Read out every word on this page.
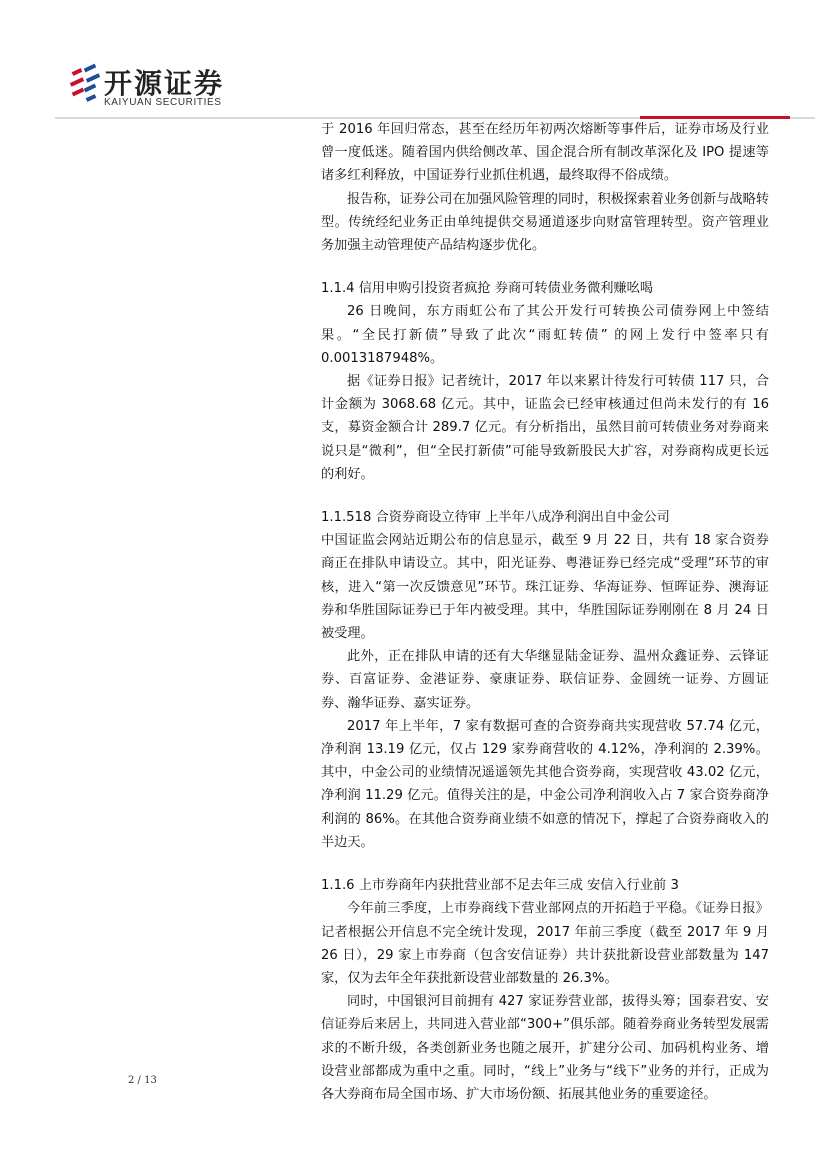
开源证券
KAIYUAN SECURITIES

于 2016 年回归常态，甚至在经历年初两次熔断等事件后，证券市场及行业曾一度低迷。随着国内供给侧改革、国企混合所有制改革深化及 IPO 提速等诸多红利释放，中国证券行业抓住机遇，最终取得不俗成绩。

报告称，证券公司在加强风险管理的同时，积极探索着业务创新与战略转型。传统经纪业务正由单纯提供交易通道逐步向财富管理转型。资产管理业务加强主动管理使产品结构逐步优化。

1.1.4 信用申购引投资者疯抢 券商可转债业务微利赚吆喝

26 日晚间，东方雨虹公布了其公开发行可转换公司债券网上中签结果。“全民打新债”导致了此次“雨虹转债” 的网上发行中签率只有 0.0013187948%。

据《证券日报》记者统计，2017 年以来累计待发行可转债 117 只，合计金额为 3068.68 亿元。其中，证监会已经审核通过但尚未发行的有 16 支，募资金额合计 289.7 亿元。有分析指出，虽然目前可转债业务对券商来说只是“微利”，但“全民打新债”可能导致新股民大扩容，对券商构成更长远的利好。

1.1.518 合资券商设立待审 上半年八成净利润出自中金公司

中国证监会网站近期公布的信息显示，截至 9 月 22 日，共有 18 家合资券商正在排队申请设立。其中，阳光证券、粤港证券已经完成“受理”环节的审核，进入“第一次反馈意见”环节。珠江证券、华海证券、恒晖证券、澳海证券和华胜国际证券已于年内被受理。其中，华胜国际证券刚刚在 8 月 24 日被受理。

此外，正在排队申请的还有大华继显陆金证券、温州众鑫证券、云锋证券、百富证券、金港证券、豪康证券、联信证券、金圆统一证券、方圆证券、瀚华证券、嘉实证券。

2017 年上半年，7 家有数据可查的合资券商共实现营收 57.74 亿元，净利润 13.19 亿元，仅占 129 家券商营收的 4.12%，净利润的 2.39%。其中，中金公司的业绩情况遥遥领先其他合资券商，实现营收 43.02 亿元，净利润 11.29 亿元。值得关注的是，中金公司净利润收入占 7 家合资券商净利润的 86%。在其他合资券商业绩不如意的情况下，撑起了合资券商收入的半边天。

1.1.6 上市券商年内获批营业部不足去年三成 安信入行业前 3

今年前三季度，上市券商线下营业部网点的开拓趋于平稳。《证券日报》记者根据公开信息不完全统计发现，2017 年前三季度（截至 2017 年 9 月 26 日），29 家上市券商（包含安信证券）共计获批新设营业部数量为 147 家，仅为去年全年获批新设营业部数量的 26.3%。

同时，中国银河目前拥有 427 家证券营业部，拔得头筹；国泰君安、安信证券后来居上，共同进入营业部“300+”俱乐部。随着券商业务转型发展需求的不断升级，各类创新业务也随之展开，扩建分公司、加码机构业务、增设营业部都成为重中之重。同时，“线上”业务与“线下”业务的并行，正成为各大券商布局全国市场、扩大市场份额、拓展其他业务的重要途径。

2 / 13
